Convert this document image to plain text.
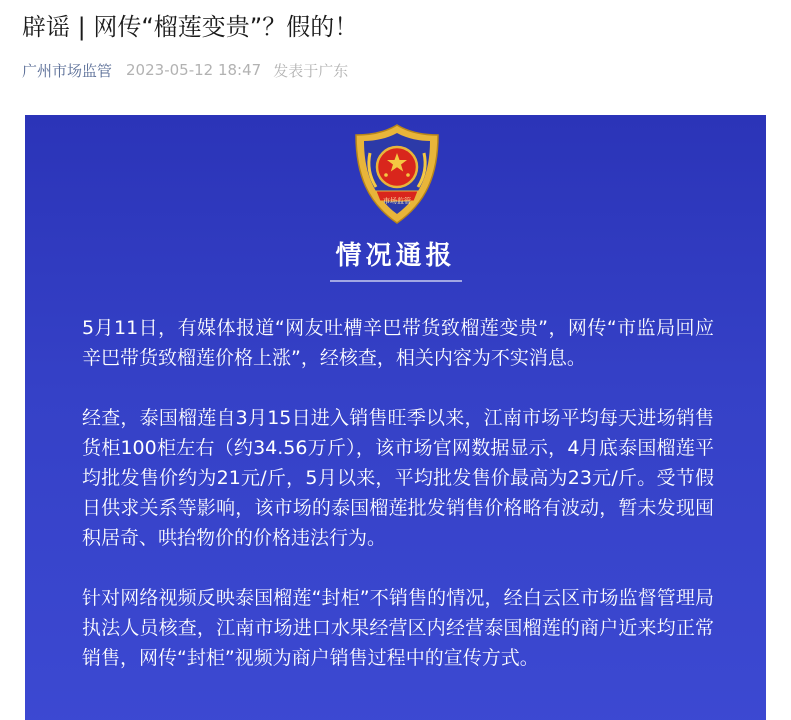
辟谣 | 网传“榴莲变贵”？假的！
广州市场监管 2023-05-12 18:47 发表于广东
市场监管
情况通报

5月11日，有媒体报道“网友吐槽辛巴带货致榴莲变贵”，网传“市监局回应辛巴带货致榴莲价格上涨”，经核查，相关内容为不实消息。

经查，泰国榴莲自3月15日进入销售旺季以来，江南市场平均每天进场销售货柜100柜左右（约34.56万斤），该市场官网数据显示，4月底泰国榴莲平均批发售价约为21元/斤，5月以来，平均批发售价最高为23元/斤。受节假日供求关系等影响，该市场的泰国榴莲批发销售价格略有波动，暂未发现囤积居奇、哄抬物价的价格违法行为。

针对网络视频反映泰国榴莲“封柜”不销售的情况，经白云区市场监督管理局执法人员核查，江南市场进口水果经营区内经营泰国榴莲的商户近来均正常销售，网传“封柜”视频为商户销售过程中的宣传方式。
